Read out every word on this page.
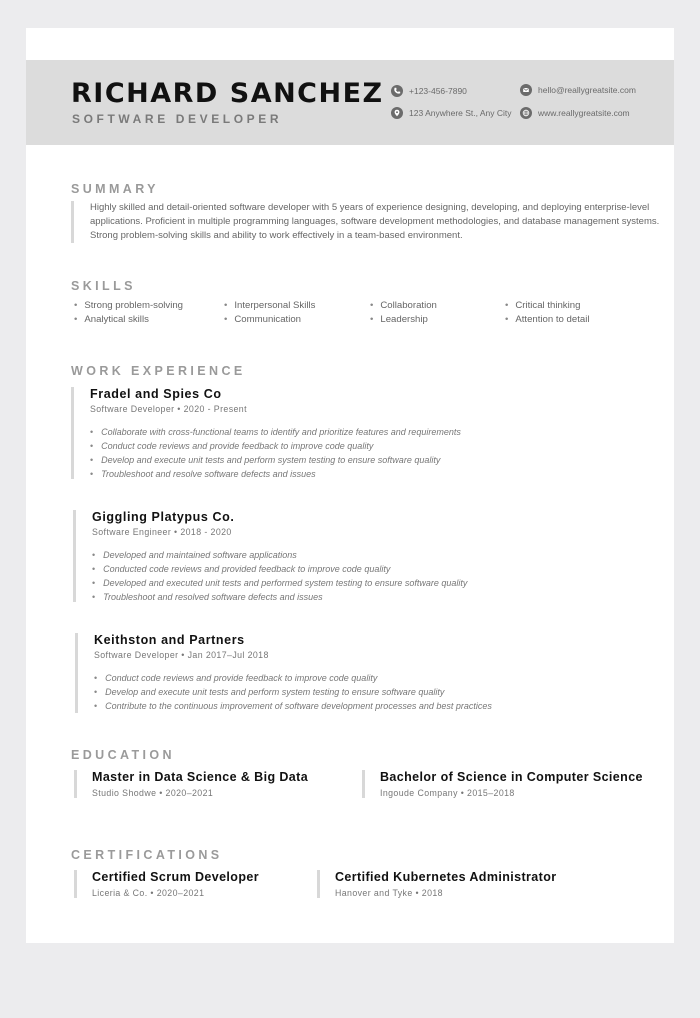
RICHARD SANCHEZ
SOFTWARE DEVELOPER
+123-456-7890
123 Anywhere St., Any City
hello@reallygreatsite.com
www.reallygreatsite.com
SUMMARY
Highly skilled and detail-oriented software developer with 5 years of experience designing, developing, and deploying enterprise-level applications. Proficient in multiple programming languages, software development methodologies, and database management systems. Strong problem-solving skills and ability to work effectively in a team-based environment.
SKILLS
• Strong problem-solving
• Analytical skills
• Interpersonal Skills
• Communication
• Collaboration
• Leadership
• Critical thinking
• Attention to detail
WORK EXPERIENCE
Fradel and Spies Co
Software Developer • 2020 - Present
• Collaborate with cross-functional teams to identify and prioritize features and requirements
• Conduct code reviews and provide feedback to improve code quality
• Develop and execute unit tests and perform system testing to ensure software quality
• Troubleshoot and resolve software defects and issues
Giggling Platypus Co.
Software Engineer • 2018 - 2020
• Developed and maintained software applications
• Conducted code reviews and provided feedback to improve code quality
• Developed and executed unit tests and performed system testing to ensure software quality
• Troubleshoot and resolved software defects and issues
Keithston and Partners
Software Developer • Jan 2017–Jul 2018
• Conduct code reviews and provide feedback to improve code quality
• Develop and execute unit tests and perform system testing to ensure software quality
• Contribute to the continuous improvement of software development processes and best practices
EDUCATION
Master in Data Science & Big Data
Studio Shodwe • 2020–2021
Bachelor of Science in Computer Science
Ingoude Company • 2015–2018
CERTIFICATIONS
Certified Scrum Developer
Liceria & Co. • 2020–2021
Certified Kubernetes Administrator
Hanover and Tyke • 2018
